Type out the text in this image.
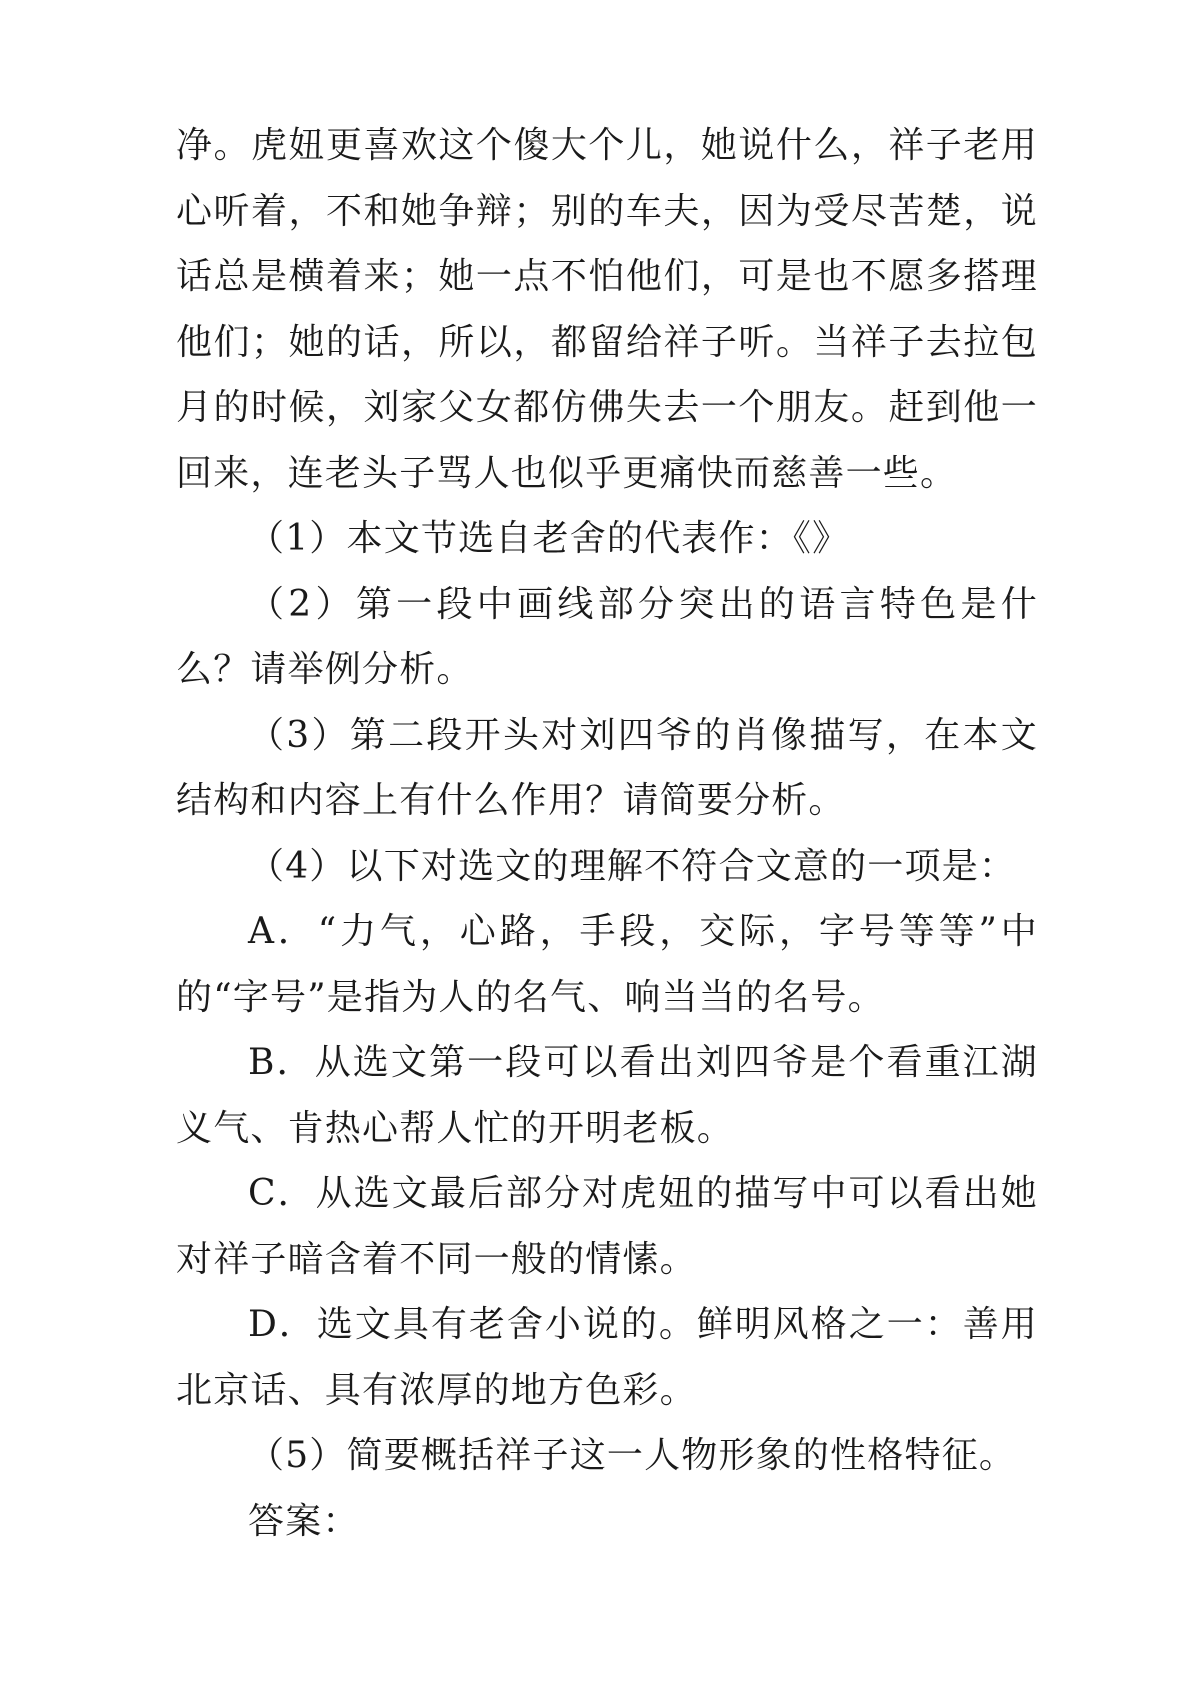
净。虎妞更喜欢这个傻大个儿，她说什么，祥子老用心听着，不和她争辩；别的车夫，因为受尽苦楚，说话总是横着来；她一点不怕他们，可是也不愿多搭理他们；她的话，所以，都留给祥子听。当祥子去拉包月的时候，刘家父女都仿佛失去一个朋友。赶到他一回来，连老头子骂人也似乎更痛快而慈善一些。

（1）本文节选自老舍的代表作：《》

（2）第一段中画线部分突出的语言特色是什么？请举例分析。

（3）第二段开头对刘四爷的肖像描写，在本文结构和内容上有什么作用？请简要分析。

（4）以下对选文的理解不符合文意的一项是：

A．“力气，心路，手段，交际，字号等等”中的“字号”是指为人的名气、响当当的名号。

B．从选文第一段可以看出刘四爷是个看重江湖义气、肯热心帮人忙的开明老板。

C．从选文最后部分对虎妞的描写中可以看出她对祥子暗含着不同一般的情愫。

D．选文具有老舍小说的。鲜明风格之一：善用北京话、具有浓厚的地方色彩。

（5）简要概括祥子这一人物形象的性格特征。

答案：
